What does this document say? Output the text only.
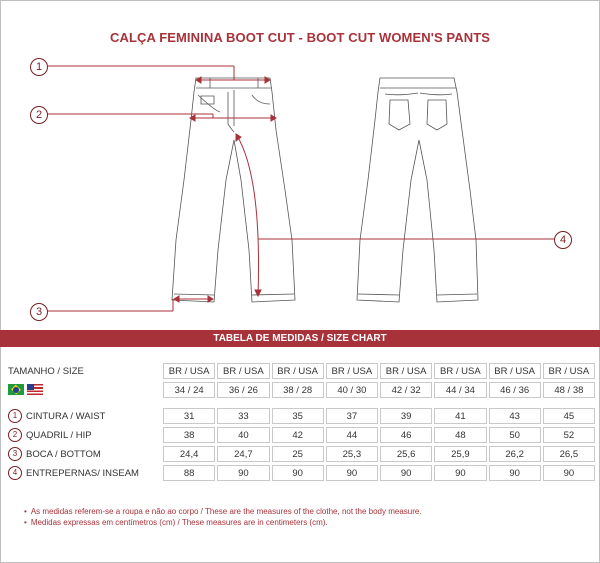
CALÇA FEMININA BOOT CUT - BOOT CUT WOMEN'S PANTS
1
2
3
4
TABELA DE MEDIDAS / SIZE CHART
TAMANHO / SIZE	BR / USA	BR / USA	BR / USA	BR / USA	BR / USA	BR / USA	BR / USA	BR / USA
	34 / 24	36 / 26	38 / 28	40 / 30	42 / 32	44 / 34	46 / 36	48 / 38

1 CINTURA / WAIST	31	33	35	37	39	41	43	45

2 QUADRIL / HIP	38	40	42	44	46	48	50	52

3 BOCA / BOTTOM	24,4	24,7	25	25,3	25,6	25,9	26,2	26,5

4 ENTREPERNAS/ INSEAM	88	90	90	90	90	90	90	90
• As medidas referem-se a roupa e não ao corpo / These are the measures of the clothe, not the body measure.
• Medidas expressas em centímetros (cm) / These measures are in centimeters (cm).
